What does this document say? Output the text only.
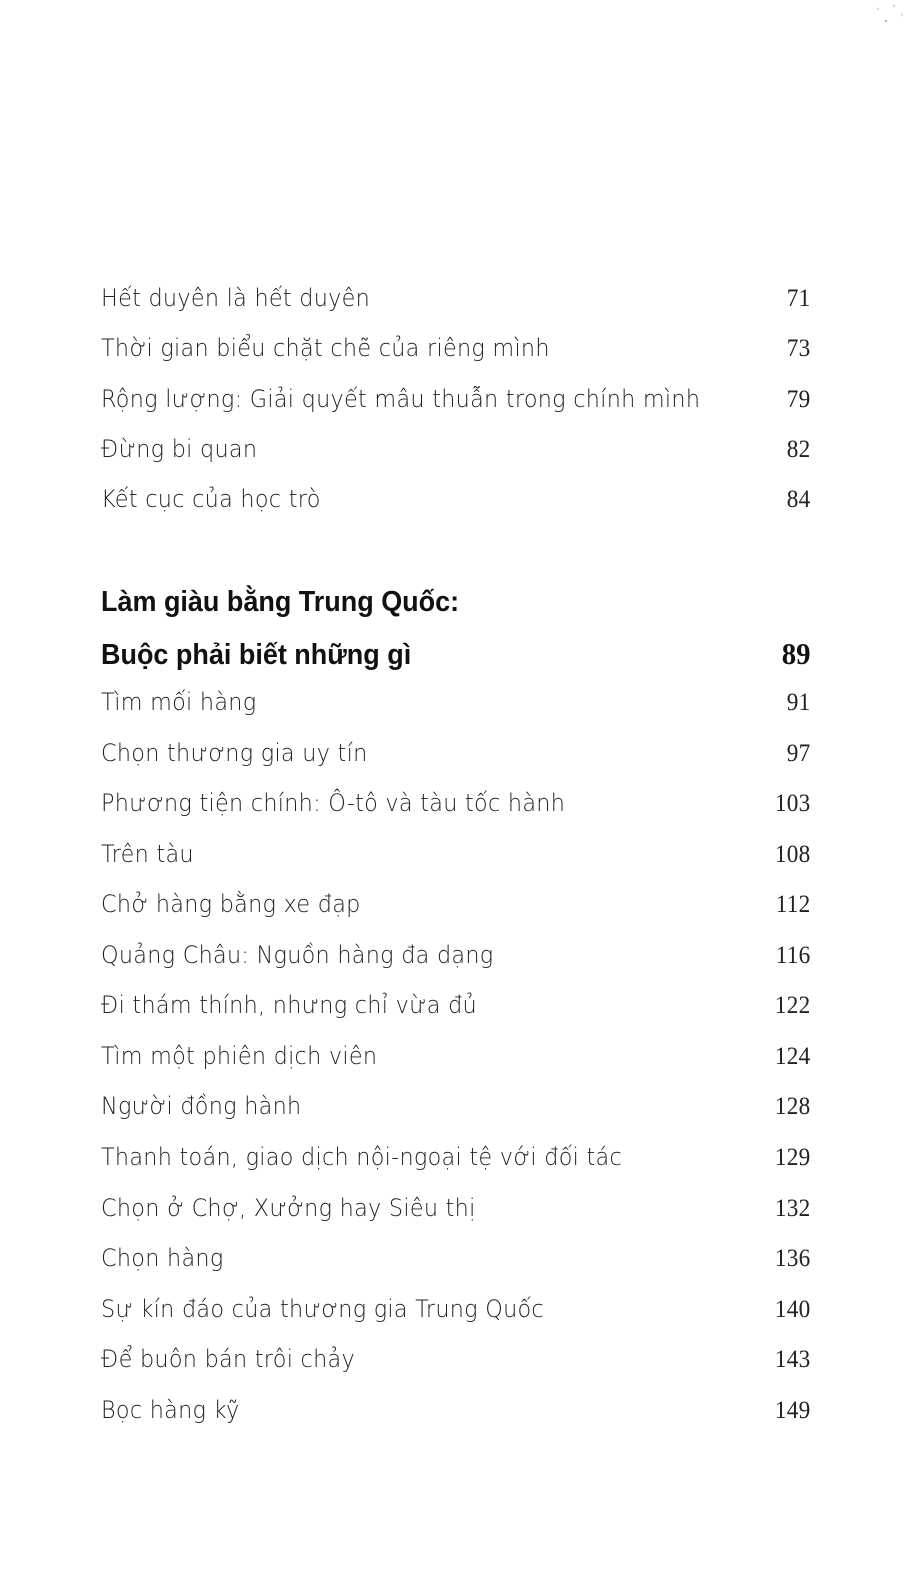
Hết duyên là hết duyên	71
Thời gian biểu chặt chẽ của riêng mình	73
Rộng lượng: Giải quyết mâu thuẫn trong chính mình	79
Đừng bi quan	82
Kết cục của học trò	84
Làm giàu bằng Trung Quốc:
Buộc phải biết những gì	89
Tìm mối hàng	91
Chọn thương gia uy tín	97
Phương tiện chính: Ô-tô và tàu tốc hành	103
Trên tàu	108
Chở hàng bằng xe đạp	112
Quảng Châu: Nguồn hàng đa dạng	116
Đi thám thính, nhưng chỉ vừa đủ	122
Tìm một phiên dịch viên	124
Người đồng hành	128
Thanh toán, giao dịch nội-ngoại tệ với đối tác	129
Chọn ở Chợ, Xưởng hay Siêu thị	132
Chọn hàng	136
Sự kín đáo của thương gia Trung Quốc	140
Để buôn bán trôi chảy	143
Bọc hàng kỹ	149
